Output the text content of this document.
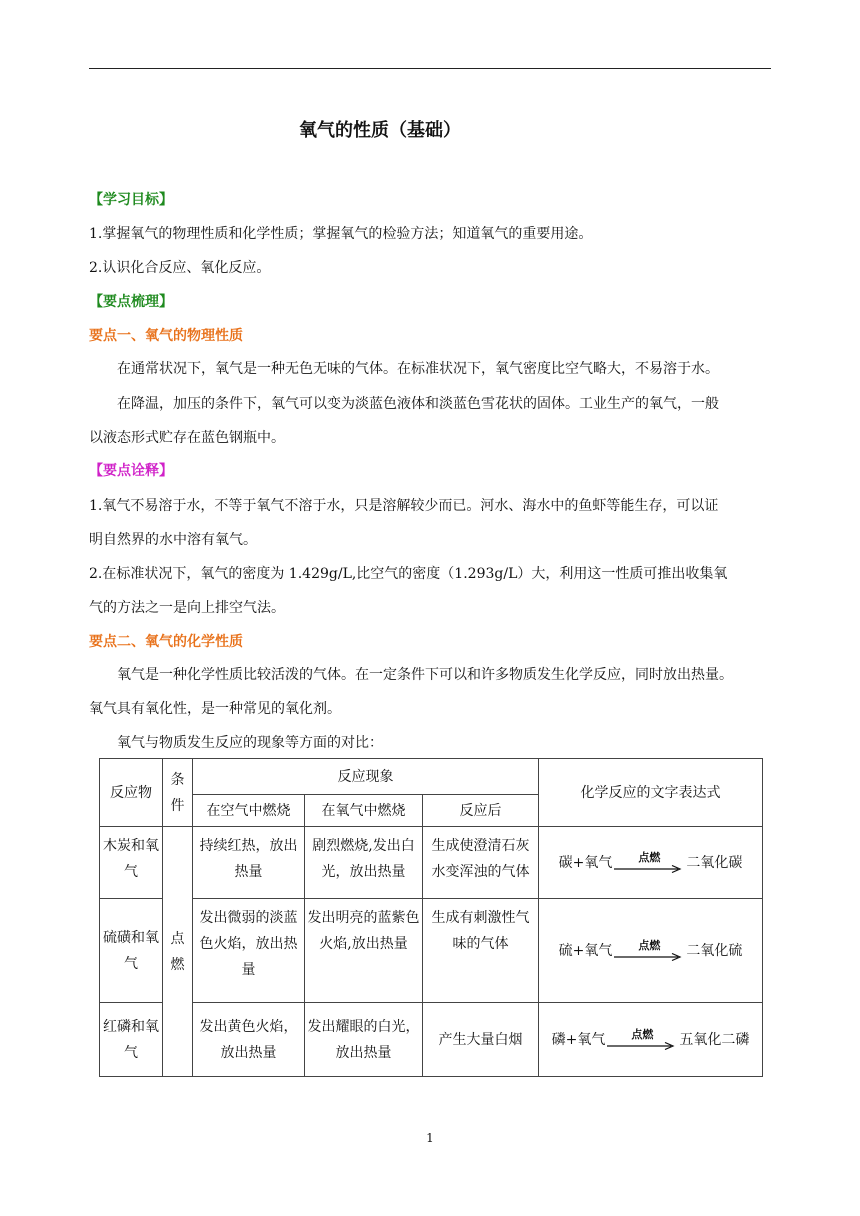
氧气的性质（基础）
【学习目标】
1.掌握氧气的物理性质和化学性质；掌握氧气的检验方法；知道氧气的重要用途。
2.认识化合反应、氧化反应。
【要点梳理】
要点一、氧气的物理性质
在通常状况下，氧气是一种无色无味的气体。在标准状况下，氧气密度比空气略大，不易溶于水。
在降温，加压的条件下，氧气可以变为淡蓝色液体和淡蓝色雪花状的固体。工业生产的氧气，一般
以液态形式贮存在蓝色钢瓶中。
【要点诠释】
1.氧气不易溶于水，不等于氧气不溶于水，只是溶解较少而已。河水、海水中的鱼虾等能生存，可以证
明自然界的水中溶有氧气。
2.在标准状况下，氧气的密度为 1.429g/L,比空气的密度（1.293g/L）大，利用这一性质可推出收集氧
气的方法之一是向上排空气法。
要点二、氧气的化学性质
氧气是一种化学性质比较活泼的气体。在一定条件下可以和许多物质发生化学反应，同时放出热量。
氧气具有氧化性，是一种常见的氧化剂。
氧气与物质发生反应的现象等方面的对比：
反应物	条件	反应现象			化学反应的文字表达式
		在空气中燃烧	在氧气中燃烧	反应后	
木炭和氧气	点燃	持续红热，放出热量	剧烈燃烧,发出白光，放出热量	生成使澄清石灰水变浑浊的气体	碳+氧气 点燃 二氧化碳

硫磺和氧气		发出微弱的淡蓝色火焰，放出热量	发出明亮的蓝紫色火焰,放出热量	生成有刺激性气味的气体	硫+氧气 点燃 二氧化硫

红磷和氧气		发出黄色火焰，放出热量	发出耀眼的白光，放出热量	产生大量白烟	磷+氧气 点燃 五氧化二磷
1
